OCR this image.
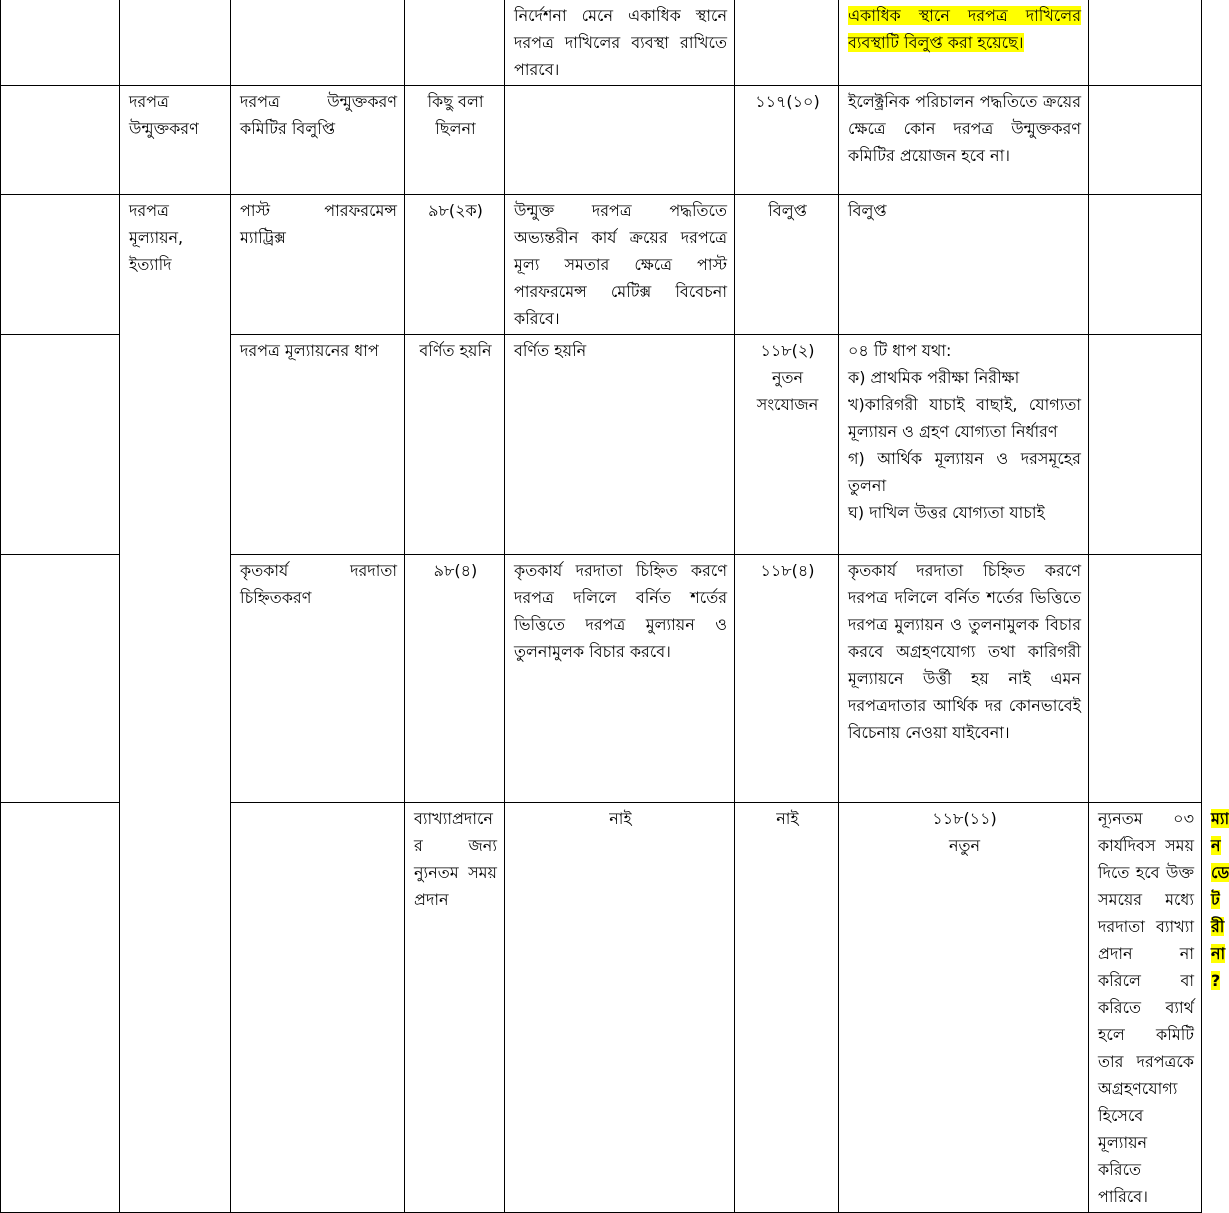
				নির্দেশনা মেনে একাধিক স্থানে দরপত্র দাখিলের ব্যবস্থা রাখিতে পারবে।		একাধিক স্থানে দরপত্র দাখিলের ব্যবস্থাটি বিলুপ্ত করা হয়েছে।		
	দরপত্র উন্মুক্তকরণ	দরপত্র উন্মুক্তকরণ কমিটির বিলুপ্তি	কিছু বলা ছিলনা		১১৭(১০)	ইলেক্ট্রনিক পরিচালন পদ্ধতিতে ক্রয়ের ক্ষেত্রে কোন দরপত্র উন্মুক্তকরণ কমিটির প্রয়োজন হবে না।		

	দরপত্র
মূল্যায়ন,
ইত্যাদি	পাস্ট পারফরমেন্স ম্যাট্রিক্স	৯৮(২ক)	উন্মুক্ত দরপত্র পদ্ধতিতে অভ্যন্তরীন কার্য ক্রয়ের দরপত্রে মূল্য সমতার ক্ষেত্রে পাস্ট পারফরমেন্স মেটিক্স বিবেচনা করিবে।	বিলুপ্ত	বিলুপ্ত		
		দরপত্র মূল্যায়নের ধাপ	বর্ণিত হয়নি	বর্ণিত হয়নি	১১৮(২)
নুতন
সংযোজন	০৪ টি ধাপ যথা:
ক) প্রাথমিক পরীক্ষা নিরীক্ষা
খ)কারিগরী যাচাই বাছাই, যোগ্যতা মূল্যায়ন ও গ্রহণ যোগ্যতা নির্ধারণ
গ) আর্থিক মূল্যায়ন ও দরসমূহের তুলনা
ঘ) দাখিল উত্তর যোগ্যতা যাচাই		

		কৃতকার্য দরদাতা চিহ্নিতকরণ	৯৮(৪)	কৃতকার্য দরদাতা চিহ্নিত করণে দরপত্র দলিলে বর্নিত শর্তের ভিত্তিতে দরপত্র মুল্যায়ন ও তুলনামুলক বিচার করবে।	১১৮(৪)	কৃতকার্য দরদাতা চিহ্নিত করণে দরপত্র দলিলে বর্নিত শর্তের ভিত্তিতে দরপত্র মুল্যায়ন ও তুলনামুলক বিচার করবে অগ্রহণযোগ্য তথা কারিগরী মূল্যায়নে উর্ত্তী হয় নাই এমন দরপত্রদাতার আর্থিক দর কোনভাবেই বিচেনায় নেওয়া যাইবেনা।		
			ব্যাখ্যাপ্রদানের জন্য ন্যুনতম সময় প্রদান	নাই	নাই	১১৮(১১)
নতুন	ন্যূনতম ০৩ কার্যদিবস সময় দিতে হবে উক্ত সময়ের মধ্যে দরদাতা ব্যাখ্যা প্রদান না করিলে বা করিতে ব্যার্থ হলে কমিটি তার দরপত্রকে অগ্রহণযোগ্য হিসেবে মূল্যায়ন করিতে পারিবে।	ম্যানডেটরী না?
